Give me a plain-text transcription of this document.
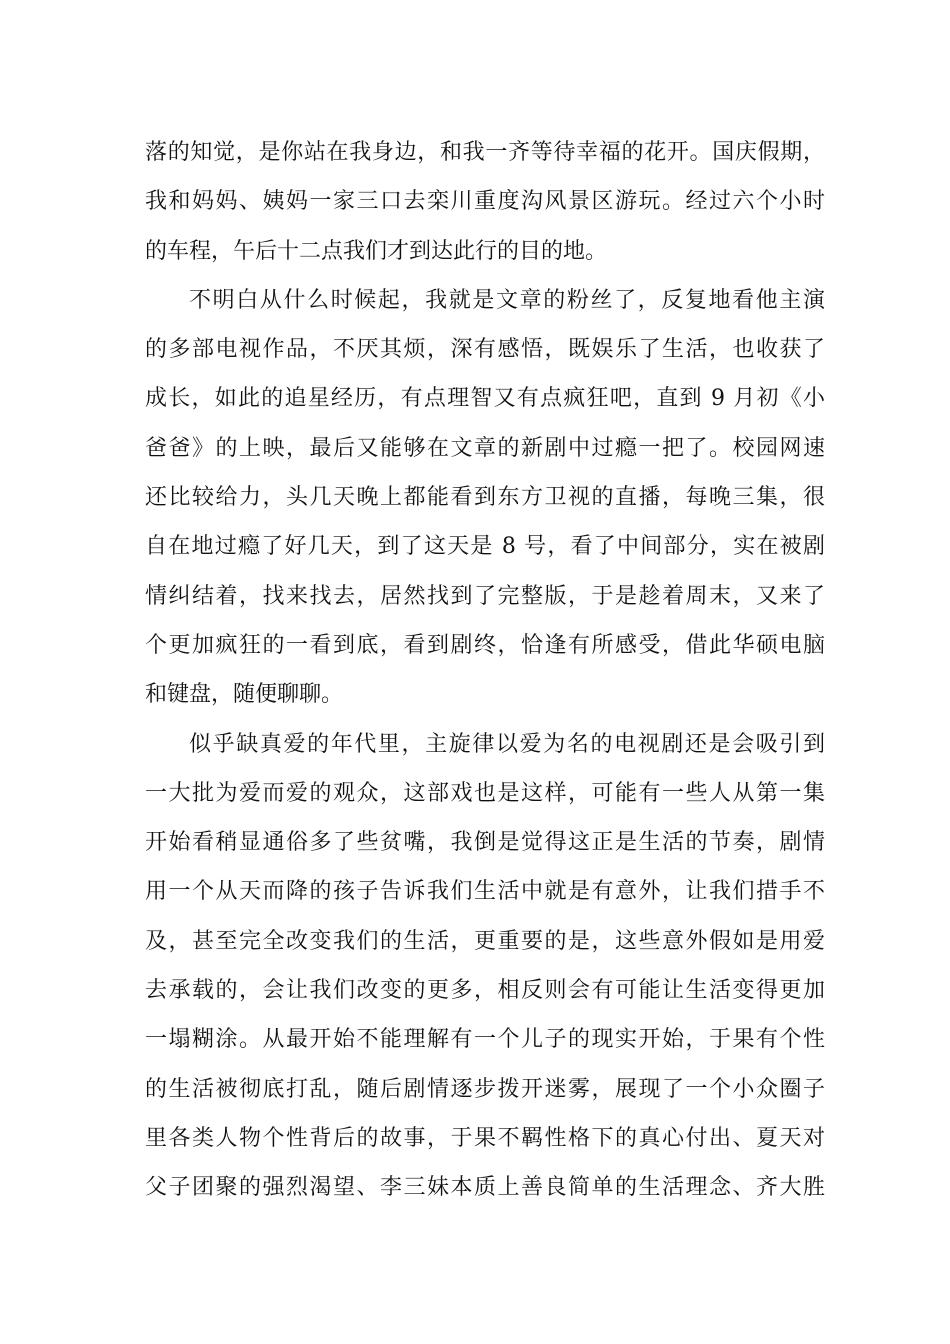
落的知觉，是你站在我身边，和我一齐等待幸福的花开。国庆假期，
我和妈妈、姨妈一家三口去栾川重度沟风景区游玩。经过六个小时
的车程，午后十二点我们才到达此行的目的地。
不明白从什么时候起，我就是文章的粉丝了，反复地看他主演
的多部电视作品，不厌其烦，深有感悟，既娱乐了生活，也收获了
成长，如此的追星经历，有点理智又有点疯狂吧，直到 9 月初《小
爸爸》的上映，最后又能够在文章的新剧中过瘾一把了。校园网速
还比较给力，头几天晚上都能看到东方卫视的直播，每晚三集，很
自在地过瘾了好几天，到了这天是 8 号，看了中间部分，实在被剧
情纠结着，找来找去，居然找到了完整版，于是趁着周末，又来了
个更加疯狂的一看到底，看到剧终，恰逢有所感受，借此华硕电脑
和键盘，随便聊聊。
似乎缺真爱的年代里，主旋律以爱为名的电视剧还是会吸引到
一大批为爱而爱的观众，这部戏也是这样，可能有一些人从第一集
开始看稍显通俗多了些贫嘴，我倒是觉得这正是生活的节奏，剧情
用一个从天而降的孩子告诉我们生活中就是有意外，让我们措手不
及，甚至完全改变我们的生活，更重要的是，这些意外假如是用爱
去承载的，会让我们改变的更多，相反则会有可能让生活变得更加
一塌糊涂。从最开始不能理解有一个儿子的现实开始，于果有个性
的生活被彻底打乱，随后剧情逐步拨开迷雾，展现了一个小众圈子
里各类人物个性背后的故事，于果不羁性格下的真心付出、夏天对
父子团聚的强烈渴望、李三妹本质上善良简单的生活理念、齐大胜
